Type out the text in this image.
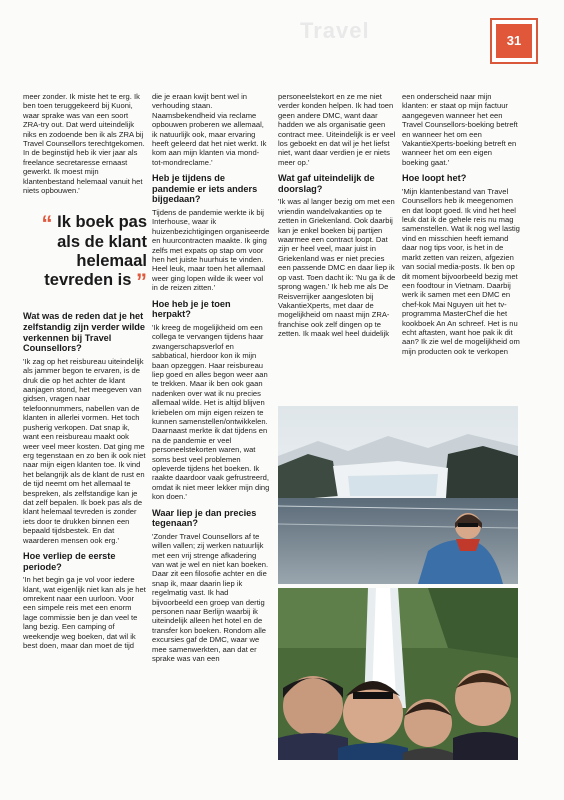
Travel	31

meer zonder. Ik miste het te erg. Ik ben toen teruggekeerd bij Kuoni, waar sprake was van een soort ZRA-try out. Dat werd uiteindelijk niks en zodoende ben ik als ZRA bij Travel Counsellors terechtgekomen. In de beginstijd heb ik vier jaar als freelance secretaresse ernaast gewerkt. Ik moest mijn klantenbestand helemaal vanuit het niets opbouwen.'

“ Ik boek pas als de klant helemaal tevreden is ”
Wat was de reden dat je het zelfstandig zijn verder wilde verkennen bij Travel Counsellors?

'Ik zag op het reisbureau uiteindelijk als jammer begon te ervaren, is de druk die op het achter de klant aanjagen stond, het meegeven van gidsen, vragen naar telefoonnummers, nabellen van de klanten in allerlei vormen. Het toch pusherig verkopen. Dat snap ik, want een reisbureau maakt ook weer veel meer kosten. Dat ging me erg tegenstaan en zo ben ik ook niet naar mijn eigen klanten toe. Ik vind het belangrijk als de klant de rust en de tijd neemt om het allemaal te bespreken, als zelfstandige kan je dat zelf bepalen. Ik boek pas als de klant helemaal tevreden is zonder iets door te drukken binnen een bepaald tijdsbestek. En dat waarderen mensen ook erg.'

Hoe verliep de eerste periode?

'In het begin ga je vol voor iedere klant, wat eigenlijk niet kan als je het omrekent naar een uurloon. Voor een simpele reis met een enorm lage commissie ben je dan veel te lang bezig. Een camping of weekendje weg boeken, dat wil ik best doen, maar dan moet de tijd

die je eraan kwijt bent wel in verhouding staan. Naamsbekendheid via reclame opbouwen proberen we allemaal, ik natuurlijk ook, maar ervaring heeft geleerd dat het niet werkt. Ik kom aan mijn klanten via mond-tot-mondreclame.'

Heb je tijdens de pandemie er iets anders bijgedaan?

Tijdens de pandemie werkte ik bij Interhouse, waar ik huizenbezichtigingen organiseerde en huurcontracten maakte. Ik ging zelfs met expats op stap om voor hen het juiste huurhuis te vinden. Heel leuk, maar toen het allemaal weer ging lopen wilde ik weer vol in de reizen zitten.'

Hoe heb je je toen herpakt?

'Ik kreeg de mogelijkheid om een collega te vervangen tijdens haar zwangerschapsverlof en sabbatical, hierdoor kon ik mijn baan opzeggen. Haar reisbureau liep goed en alles begon weer aan te trekken. Maar ik ben ook gaan nadenken over wat ik nu precies allemaal wilde. Het is altijd blijven kriebelen om mijn eigen reizen te kunnen samenstellen/ontwikkelen. Daarnaast merkte ik dat tijdens en na de pandemie er veel personeelstekorten waren, wat soms best veel problemen opleverde tijdens het boeken. Ik raakte daardoor vaak gefrustreerd, omdat ik niet meer lekker mijn ding kon doen.'

Waar liep je dan precies tegenaan?

'Zonder Travel Counsellors af te willen vallen; zij werken natuurlijk met een vrij strenge afkadering van wat je wel en niet kan boeken. Daar zit een filosofie achter en die snap ik, maar daarin liep ik regelmatig vast. Ik had bijvoorbeeld een groep van dertig personen naar Berlijn waarbij ik uiteindelijk alleen het hotel en de transfer kon boeken. Rondom alle excursies gaf de DMC, waar we mee samenwerkten, aan dat er sprake was van een

personeelstekort en ze me niet verder konden helpen. Ik had toen geen andere DMC, want daar hadden we als organisatie geen contract mee. Uiteindelijk is er veel los geboekt en dat wil je het liefst niet, want daar verdien je er niets meer op.'

Wat gaf uiteindelijk de doorslag?

'Ik was al langer bezig om met een vriendin wandelvakanties op te zetten in Griekenland. Ook daarbij kan je enkel boeken bij partijen waarmee een contract loopt. Dat zijn er heel veel, maar juist in Griekenland was er niet precies een passende DMC en daar liep ik op vast. Toen dacht ik: 'Nu ga ik de sprong wagen.' Ik heb me als De Reisverrijker aangesloten bij VakantieXperts, met daar de mogelijkheid om naast mijn ZRA-franchise ook zelf dingen op te zetten. Ik maak wel heel duidelijk

een onderscheid naar mijn klanten: er staat op mijn factuur aangegeven wanneer het een Travel Counsellors-boeking betreft en wanneer het om een VakantieXperts-boeking betreft en wanneer het om een eigen boeking gaat.'

Hoe loopt het?

'Mijn klantenbestand van Travel Counsellors heb ik meegenomen en dat loopt goed. Ik vind het heel leuk dat ik de gehele reis nu mag samenstellen. Wat ik nog wel lastig vind en misschien heeft iemand daar nog tips voor, is het in de markt zetten van reizen, afgezien van social media-posts. Ik ben op dit moment bijvoorbeeld bezig met een foodtour in Vietnam. Daarbij werk ik samen met een DMC en chef-kok Mai Nguyen uit het tv-programma MasterChef die het kookboek An An schreef. Het is nu echt aftasten, want hoe pak ik dit aan? Ik zie wel de mogelijkheid om mijn producten ook te verkopen
